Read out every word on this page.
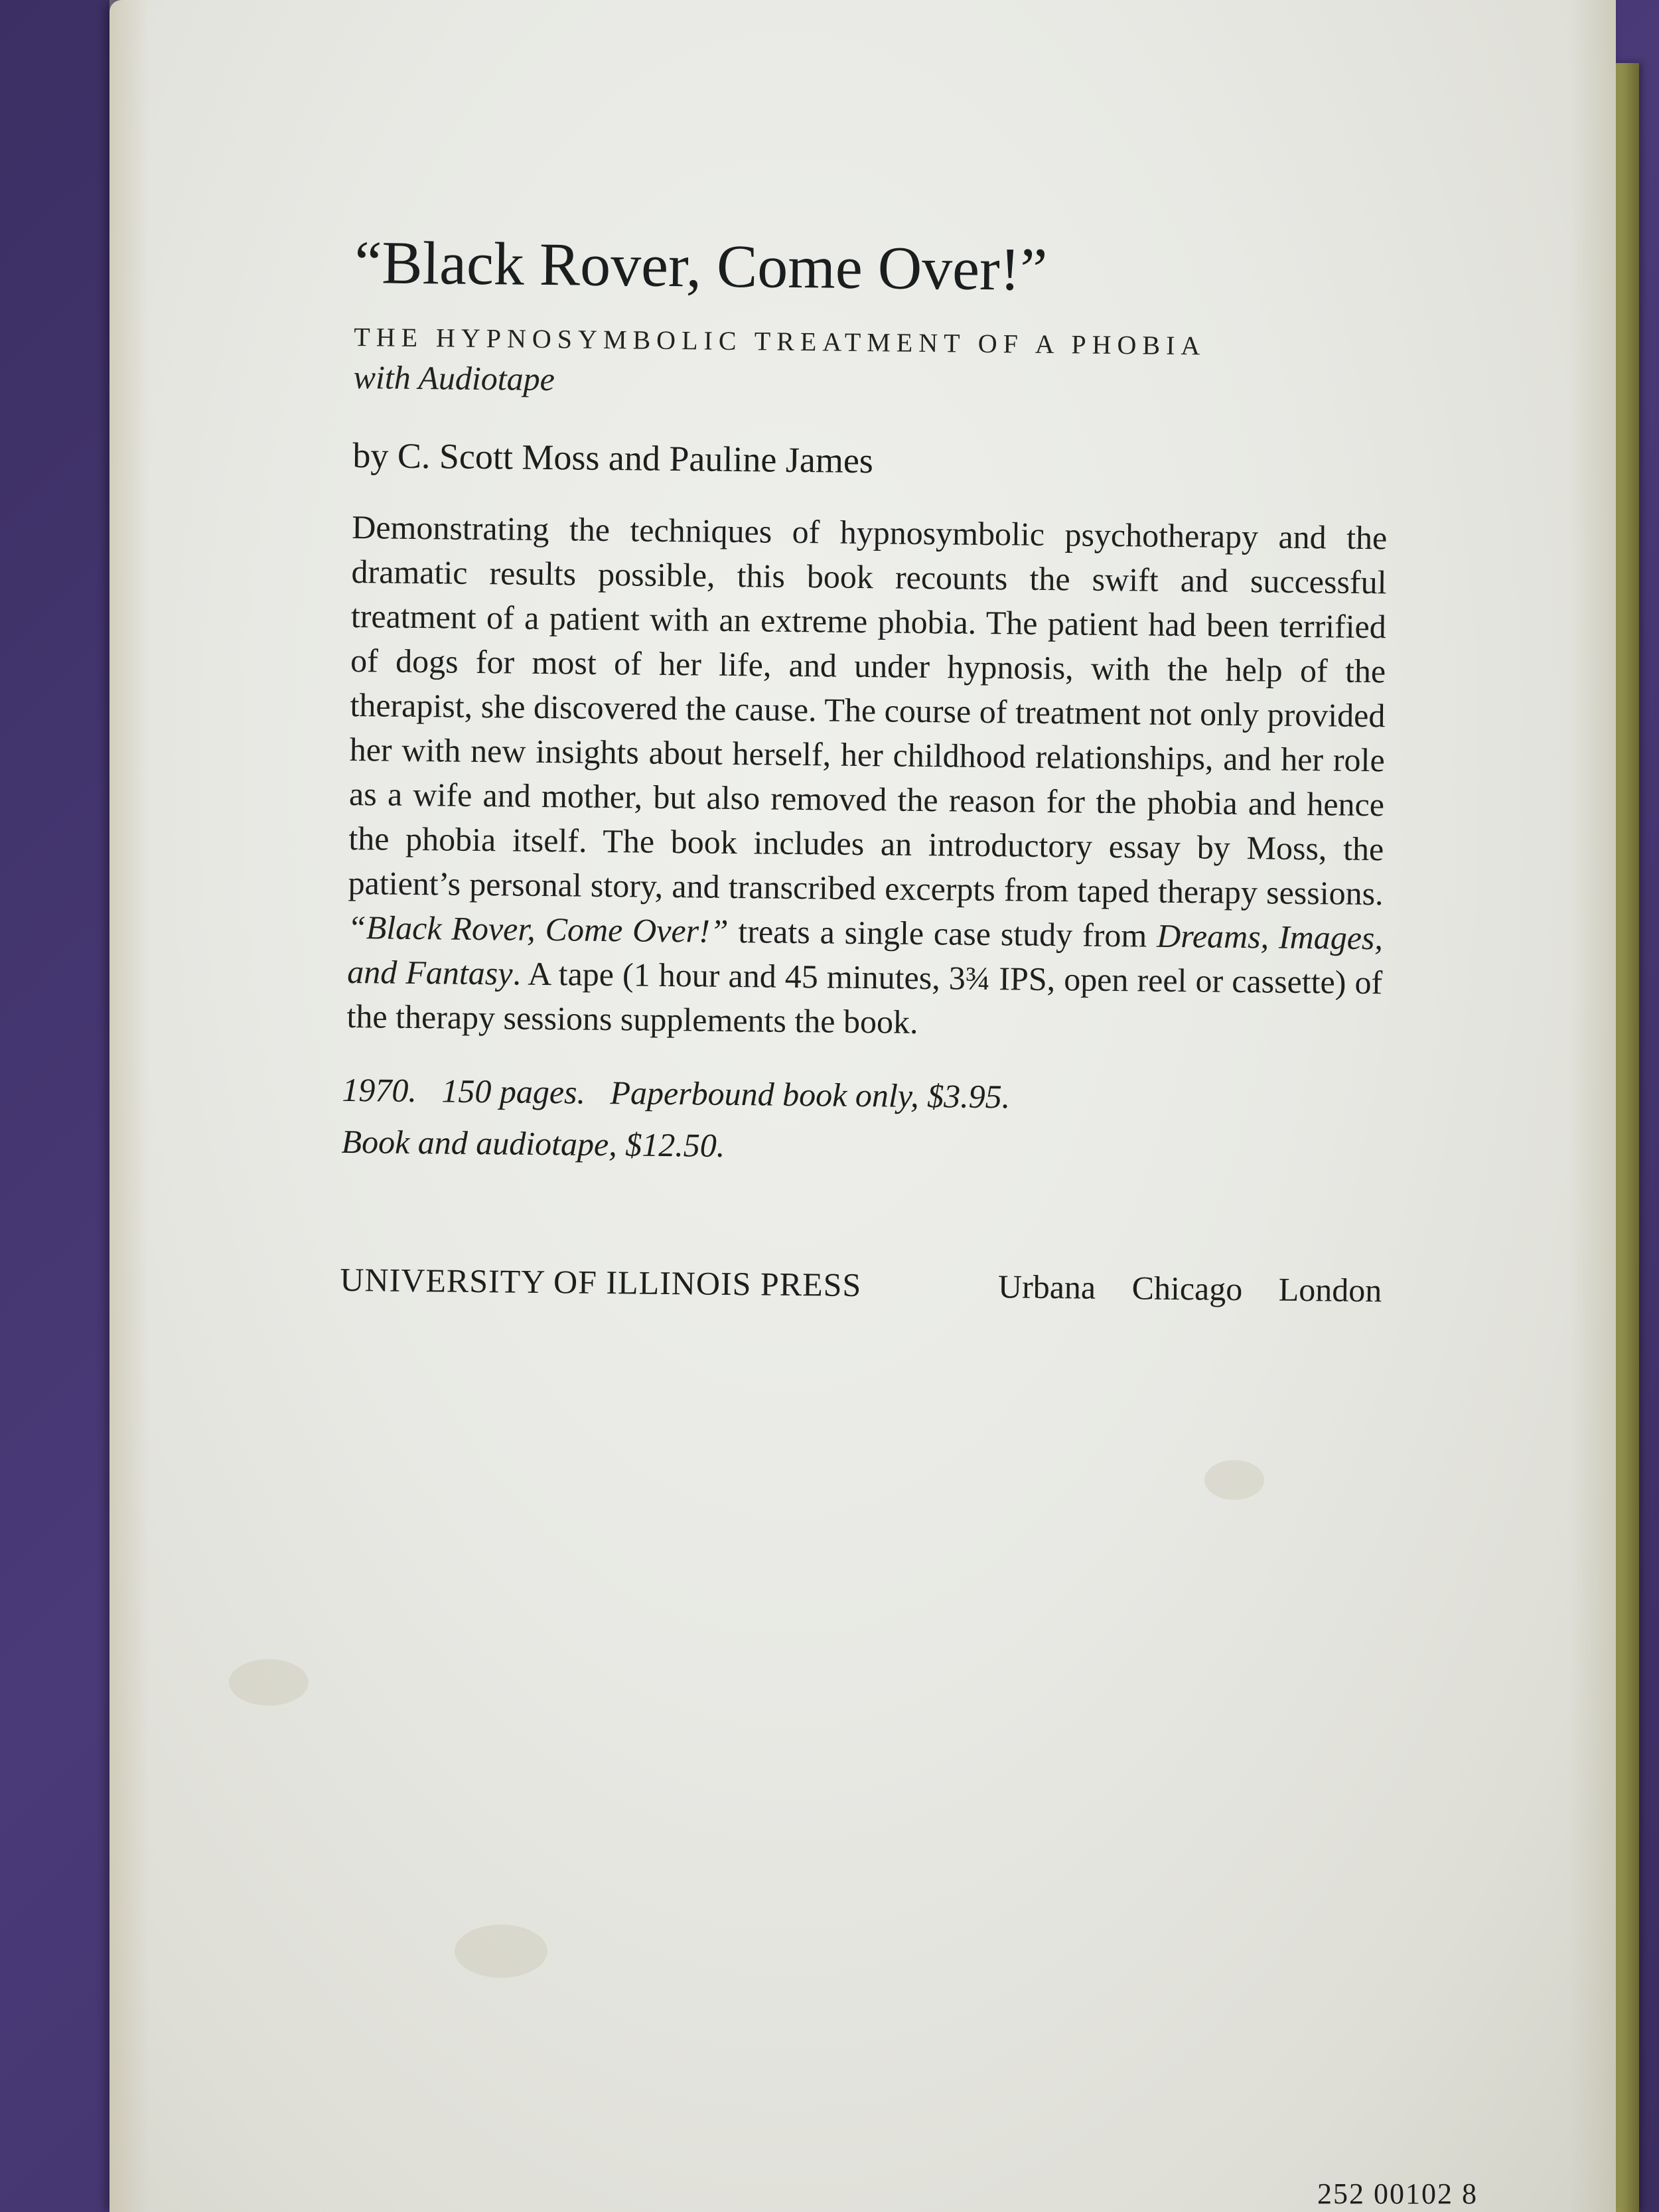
“Black Rover, Come Over!”

THE HYPNOSYMBOLIC TREATMENT OF A PHOBIA

with Audiotape

by C. Scott Moss and Pauline James

Demonstrating the techniques of hypnosymbolic psychotherapy and the dramatic results possible, this book recounts the swift and successful treatment of a patient with an extreme phobia. The patient had been terrified of dogs for most of her life, and under hypnosis, with the help of the therapist, she discovered the cause. The course of treatment not only provided her with new insights about herself, her childhood relationships, and her role as a wife and mother, but also removed the reason for the phobia and hence the phobia itself. The book includes an introductory essay by Moss, the patient’s personal story, and transcribed excerpts from taped therapy sessions. “Black Rover, Come Over!” treats a single case study from Dreams, Images, and Fantasy. A tape (1 hour and 45 minutes, 3¾ IPS, open reel or cassette) of the therapy sessions supplements the book.

1970.   150 pages.   Paperbound book only, $3.95.
Book and audiotape, $12.50.
UNIVERSITY OF ILLINOIS PRESS	Urbana Chicago London
252 00102 8
